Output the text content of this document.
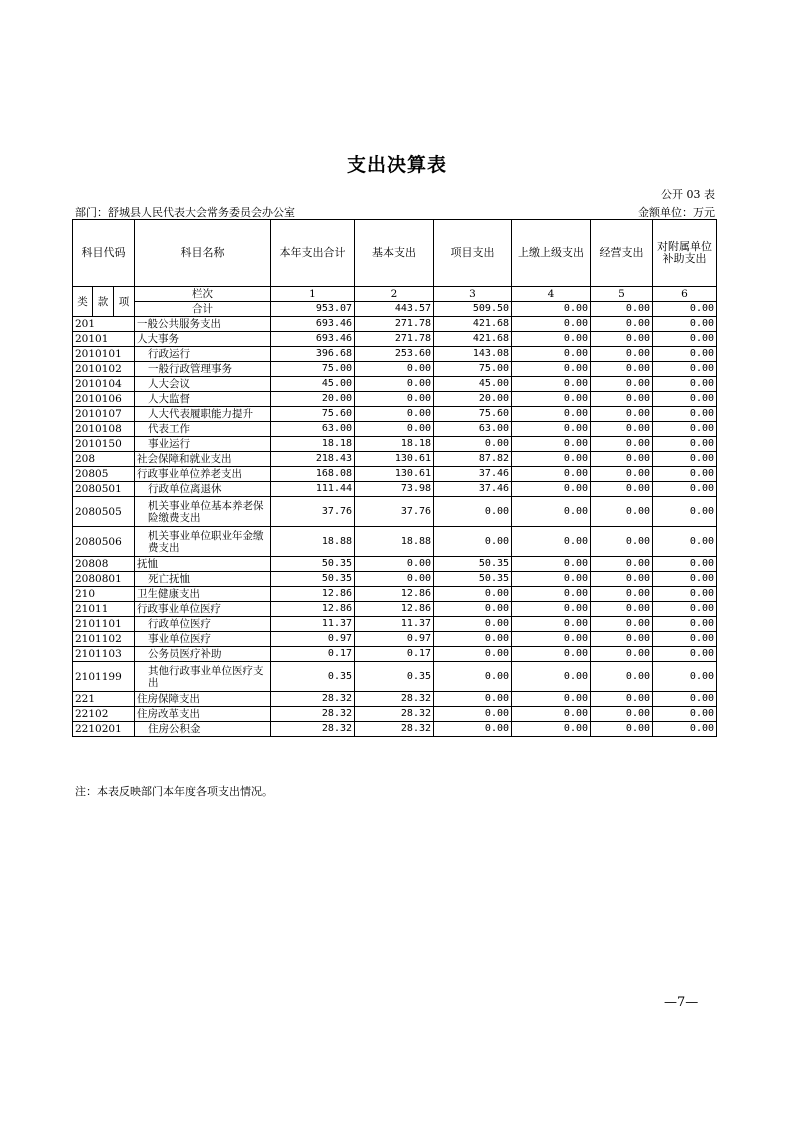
支出决算表
公开 03 表
部门：舒城县人民代表大会常务委员会办公室	金额单位：万元
科目代码			科目名称	本年支出合计	基本支出	项目支出	上缴上级支出	经营支出	对附属单位补助支出
类	款	项	栏次	1	2	3	4	5	6
			合计	953.07	443.57	509.50	0.00	0.00	0.00
201			一般公共服务支出	693.46	271.78	421.68	0.00	0.00	0.00
20101			人大事务	693.46	271.78	421.68	0.00	0.00	0.00
2010101			行政运行	396.68	253.60	143.08	0.00	0.00	0.00
2010102			一般行政管理事务	75.00	0.00	75.00	0.00	0.00	0.00
2010104			人大会议	45.00	0.00	45.00	0.00	0.00	0.00
2010106			人大监督	20.00	0.00	20.00	0.00	0.00	0.00
2010107			人大代表履职能力提升	75.60	0.00	75.60	0.00	0.00	0.00
2010108			代表工作	63.00	0.00	63.00	0.00	0.00	0.00
2010150			事业运行	18.18	18.18	0.00	0.00	0.00	0.00
208			社会保障和就业支出	218.43	130.61	87.82	0.00	0.00	0.00
20805			行政事业单位养老支出	168.08	130.61	37.46	0.00	0.00	0.00
2080501			行政单位离退休	111.44	73.98	37.46	0.00	0.00	0.00
2080505			机关事业单位基本养老保险缴费支出	37.76	37.76	0.00	0.00	0.00	0.00
2080506			机关事业单位职业年金缴费支出	18.88	18.88	0.00	0.00	0.00	0.00
20808			抚恤	50.35	0.00	50.35	0.00	0.00	0.00
2080801			死亡抚恤	50.35	0.00	50.35	0.00	0.00	0.00
210			卫生健康支出	12.86	12.86	0.00	0.00	0.00	0.00
21011			行政事业单位医疗	12.86	12.86	0.00	0.00	0.00	0.00
2101101			行政单位医疗	11.37	11.37	0.00	0.00	0.00	0.00
2101102			事业单位医疗	0.97	0.97	0.00	0.00	0.00	0.00
2101103			公务员医疗补助	0.17	0.17	0.00	0.00	0.00	0.00
2101199			其他行政事业单位医疗支出	0.35	0.35	0.00	0.00	0.00	0.00
221			住房保障支出	28.32	28.32	0.00	0.00	0.00	0.00
22102			住房改革支出	28.32	28.32	0.00	0.00	0.00	0.00
2210201			住房公积金	28.32	28.32	0.00	0.00	0.00	0.00
注：本表反映部门本年度各项支出情况。
—7—
